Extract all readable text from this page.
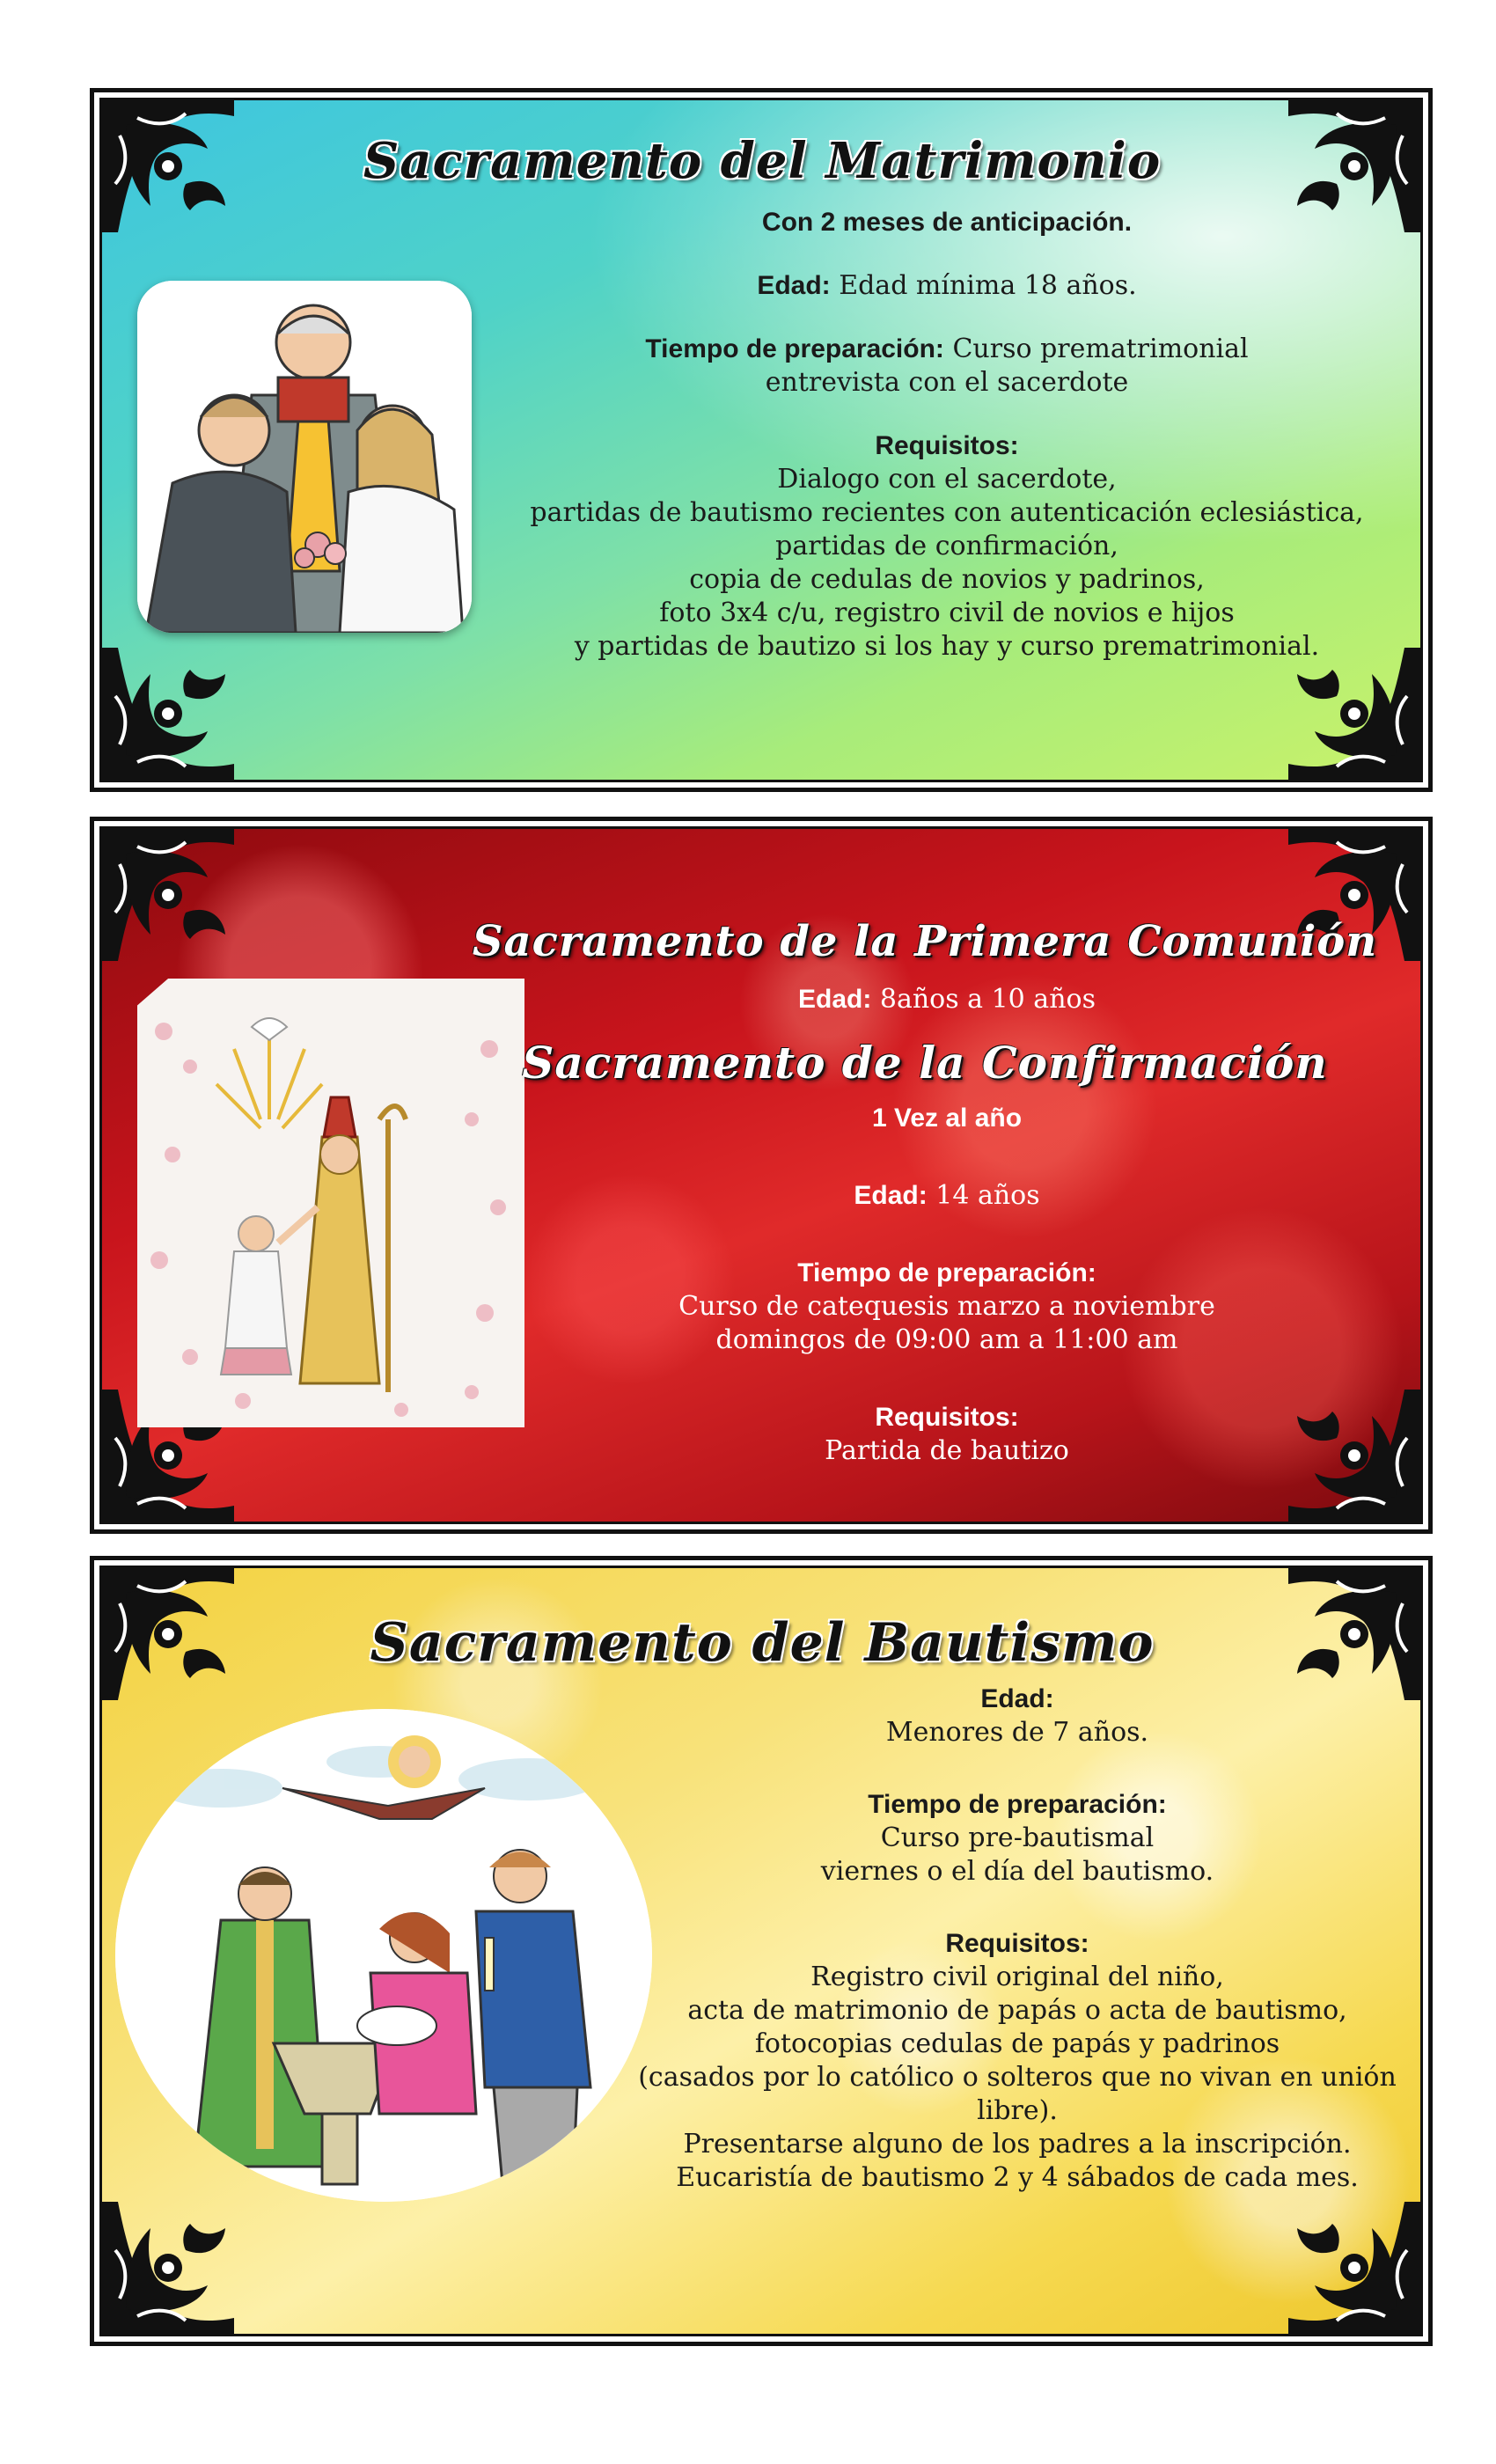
Sacramento del Matrimonio
Con 2 meses de anticipación.
Edad: Edad mínima 18 años.
Tiempo de preparación: Curso prematrimonial
entrevista con el sacerdote
Requisitos:
Dialogo con el sacerdote,
partidas de bautismo recientes con autenticación eclesiástica,
partidas de confirmación,
copia de cedulas de novios y padrinos,
foto 3x4 c/u, registro civil de novios e hijos
y partidas de bautizo si los hay y curso prematrimonial.
Sacramento de la Primera Comunión
Edad: 8años a 10 años
Sacramento de la Confirmación
1 Vez al año
Edad: 14 años
Tiempo de preparación:
Curso de catequesis marzo a noviembre
domingos de 09:00 am a 11:00 am
Requisitos:
Partida de bautizo
Sacramento del Bautismo
Edad:
Menores de 7 años.
Tiempo de preparación:
Curso pre-bautismal
viernes o el día del bautismo.
Requisitos:
Registro civil original del niño,
acta de matrimonio de papás o acta de bautismo,
fotocopias cedulas de papás y padrinos
(casados por lo católico o solteros que no vivan en unión libre).
Presentarse alguno de los padres a la inscripción.
Eucaristía de bautismo 2 y 4 sábados de cada mes.
